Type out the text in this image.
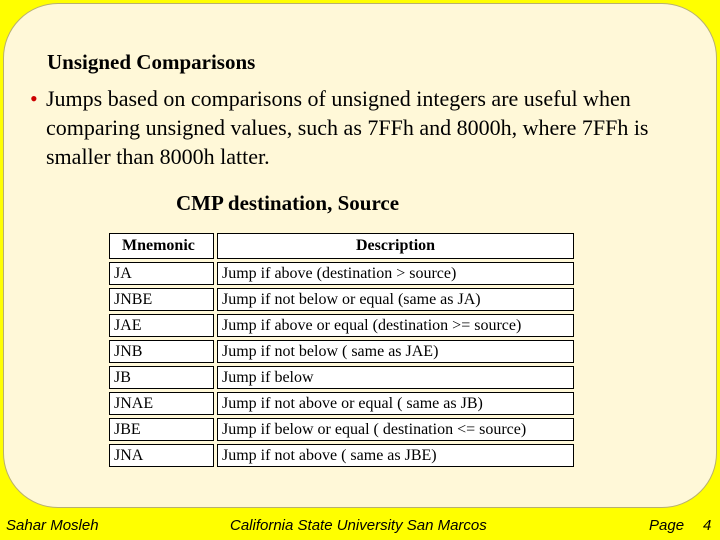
Unsigned Comparisons
• Jumps based on comparisons of unsigned integers are useful when comparing unsigned values, such as 7FFh and 8000h, where 7FFh is smaller than 8000h latter.
CMP destination, Source
Mnemonic	Description
JA	Jump if above (destination > source)
JNBE	Jump if not below or equal (same as JA)
JAE	Jump if above or equal (destination >= source)
JNB	Jump if not below ( same as JAE)
JB	Jump if below
JNAE	Jump if not above or equal ( same as JB)
JBE	Jump if below or equal ( destination <= source)
JNA	Jump if not above ( same as JBE)
Sahar Mosleh	California State University San Marcos	Page 4
